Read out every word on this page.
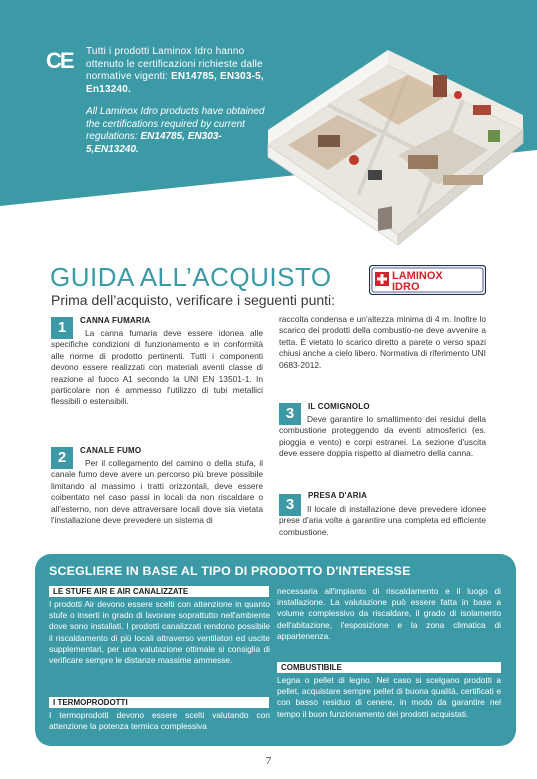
CE Tutti i prodotti Laminox Idro hanno ottenuto le certificazioni richieste dalle normative vigenti: EN14785, EN303-5, En13240.
All Laminox Idro products have obtained the certifications required by current regulations: EN14785, EN303-5,EN13240.
GUIDA ALL’ACQUISTO
Prima dell’acquisto, verificare i seguenti punti:
LAMINOX
IDRO
1	CANNA FUMARIA
La canna fumaria deve essere idonea alle specifiche condizioni di funzionamento e in conformità alle norme di prodotto pertinenti. Tutti i componenti devono essere realizzati con materiali aventi classe di reazione al fuoco A1 secondo la UNI EN 13501-1. In particolare non è ammesso l'utilizzo di tubi metallici flessibili o estensibili.
2	CANALE FUMO
Per il collegamento del camino o della stufa, il canale fumo deve avere un percorso più breve possibile limitando al massimo i tratti orizzontali, deve essere coibentato nel caso passi in locali da non riscaldare o all'esterno, non deve attraversare locali dove sia vietata l'installazione deve prevedere un sistema di
raccolta condensa e un'altezza minima di 4 m. Inoltre lo scarico dei prodotti della combustio-ne deve avvenire a tetta. È vietato lo scarico diretto a parete o verso spazi chiusi anche a cielo libero. Normativa di riferimento UNI 0683-2012.
3	IL COMIGNOLO
Deve garantire lo smaltimento dei residui della combustione proteggendo da eventi atmosferici (es. pioggia e vento) e corpi estranei. La sezione d'uscita deve essere doppia rispetto al diametro della canna.
3
PRESA D'ARIA
Il locale di installazione deve prevedere idonee prese d'aria volte a garantire una completa ed efficiente combustione.
SCEGLIERE IN BASE AL TIPO DI PRODOTTO D'INTERESSE
LE STUFE AIR E AIR CANALIZZATE
I prodotti Air devono essere scelti con attenzione in quanto stufe o inserti in grado di lavorare soprattutto nell'ambiente dove sono installati. I prodotti canalizzati rendono possibile il riscaldamento di più locali attraverso ventilatori ed uscite supplementari, per una valutazione ottimale si consiglia di verificare sempre le distanze massime ammesse.
I TERMOPRODOTTI
I termoprodotti devono essere scelti valutando con attenzione la potenza termica complessiva
necessaria all'impianto di riscaldamento e il luogo di installazione. La valutazione può essere fatta in base a volume complessivo da riscaldare, il grado di isolamento dell'abitazione, l'esposizione e la zona climatica di appartenenza.
COMBUSTIBILE
Legna o pellet di legno. Nel caso si scelgano prodotti a pellet, acquistare sempre pellet di buona qualità, certificati e con basso residuo di cenere, in modo da garantire nel tempo il buon funzionamento dei prodotti acquistati.
7
